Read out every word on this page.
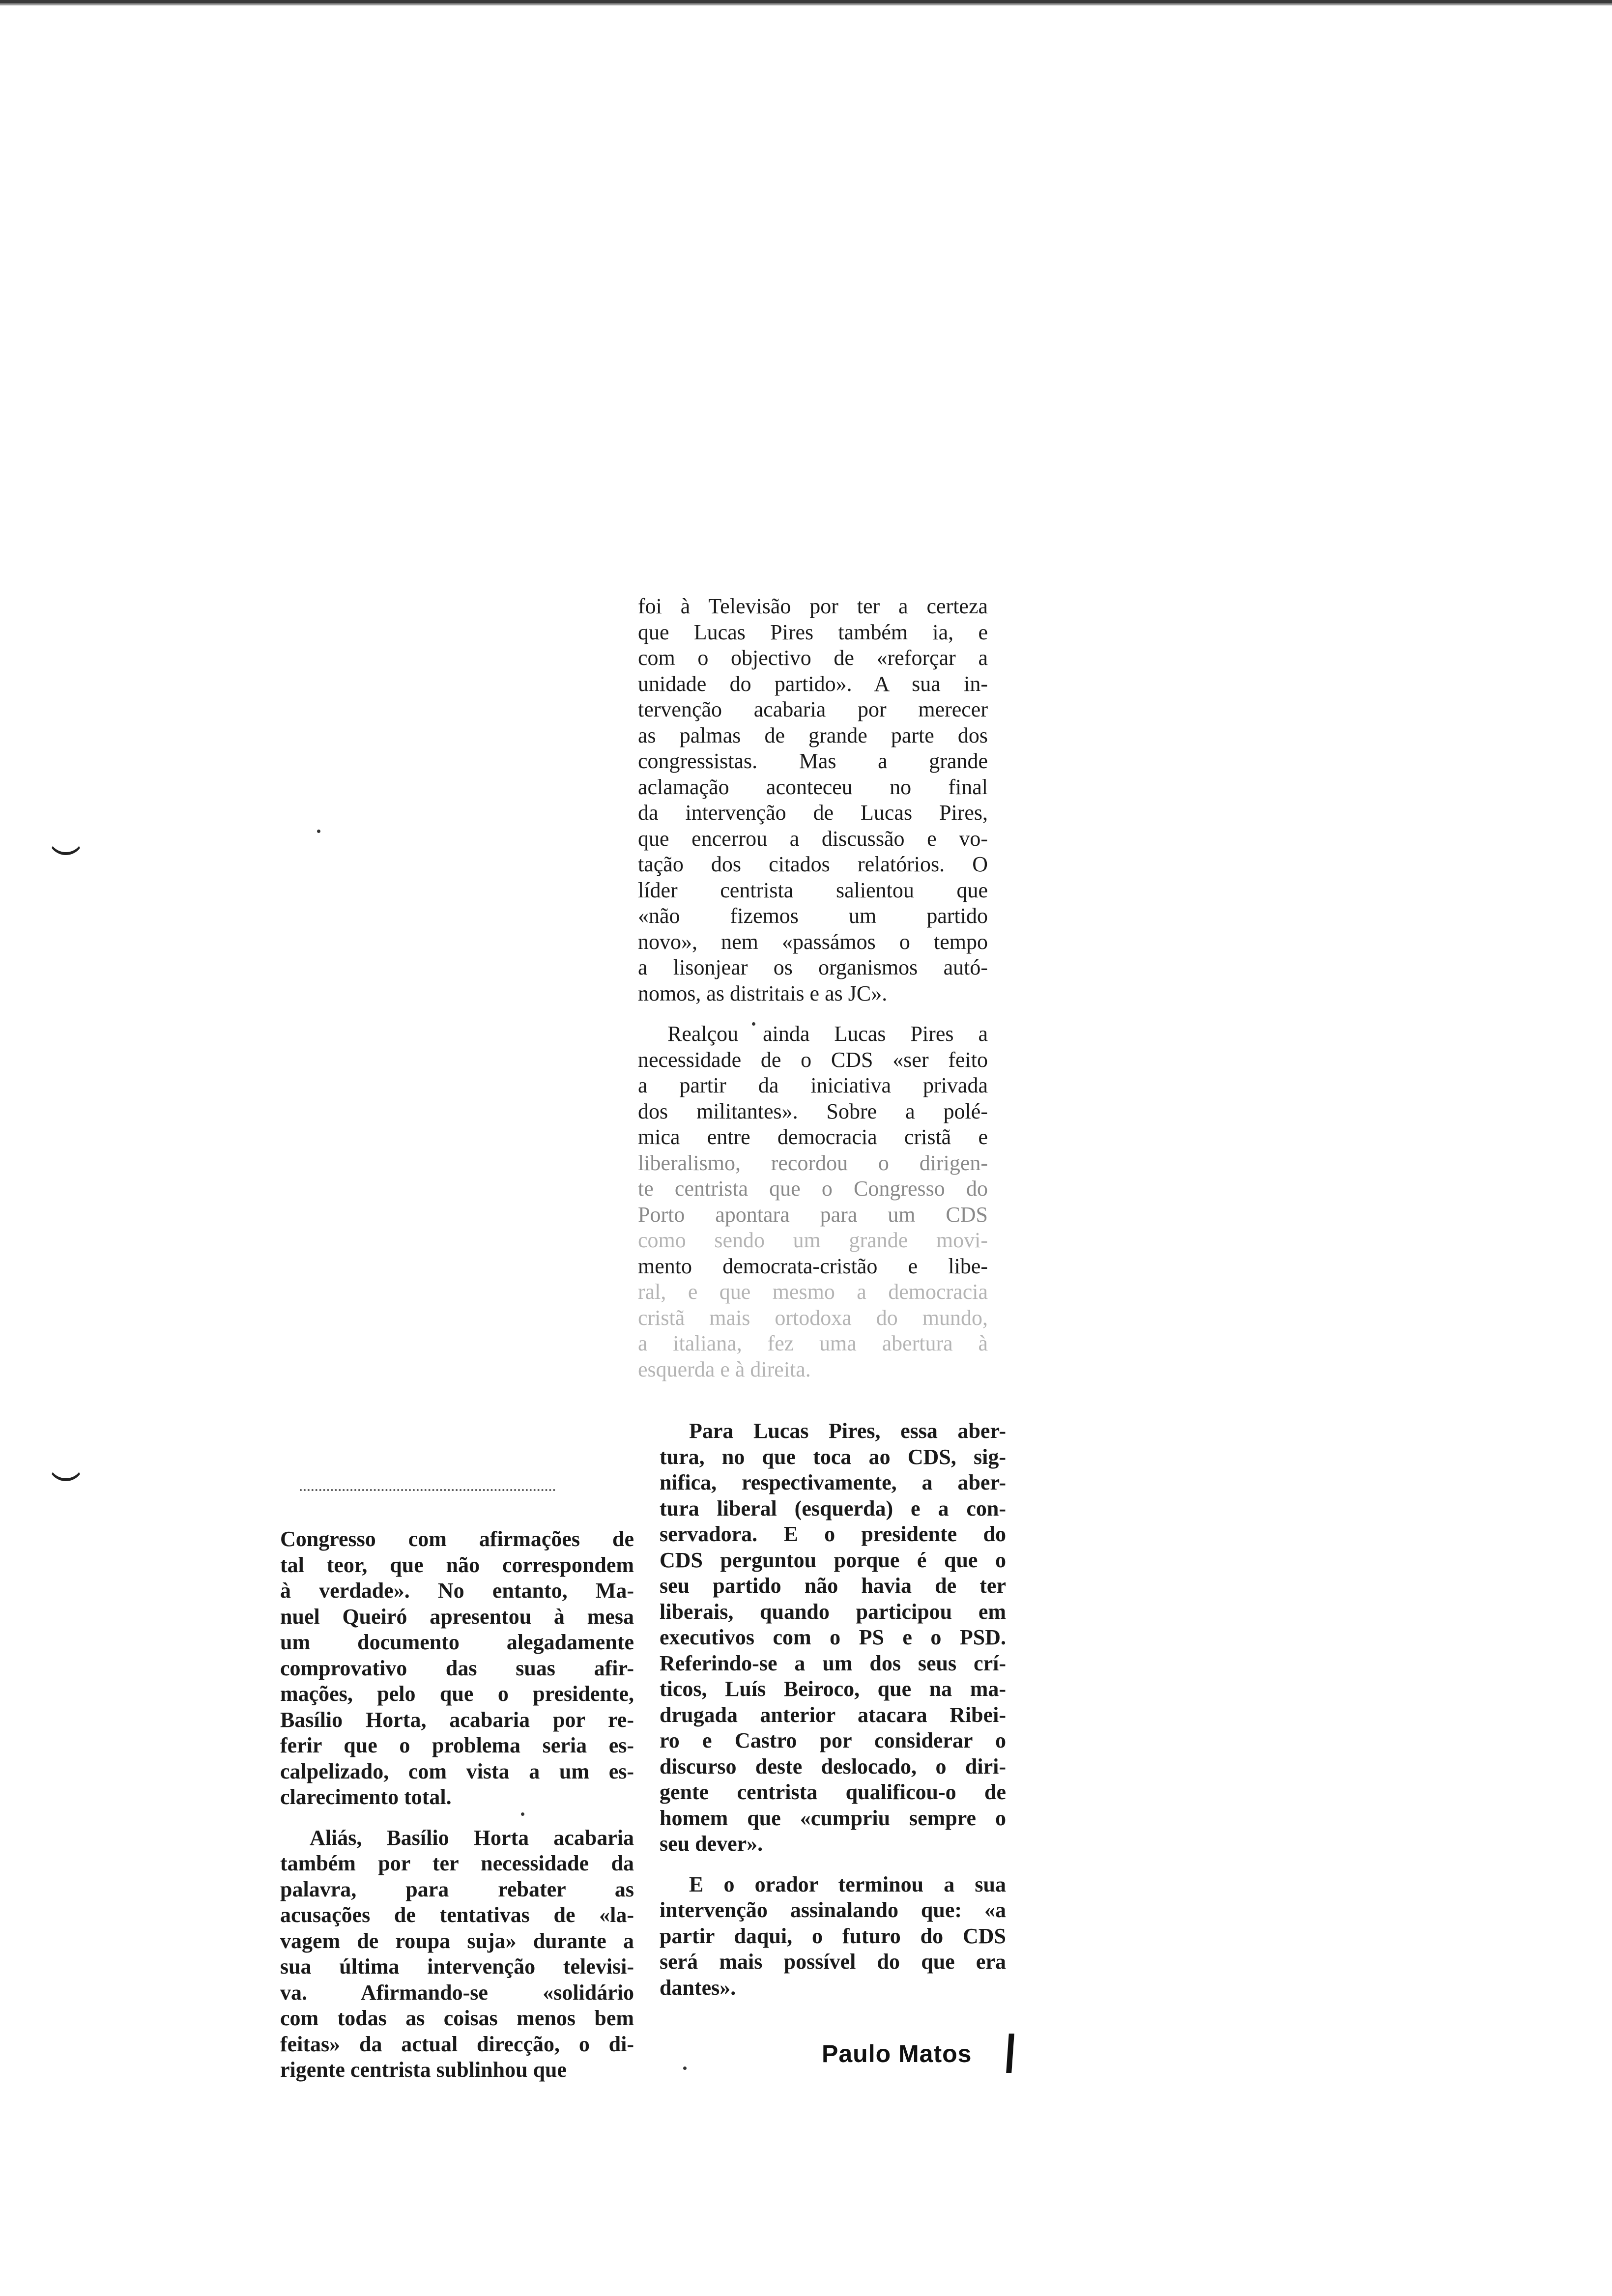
foi à Televisão por ter a certeza
que Lucas Pires também ia, e
com o objectivo de «reforçar a
unidade do partido». A sua in-
tervenção acabaria por merecer
as palmas de grande parte dos
congressistas. Mas a grande
aclamação aconteceu no final
da intervenção de Lucas Pires,
que encerrou a discussão e vo-
tação dos citados relatórios. O
líder centrista salientou que
«não fizemos um partido
novo», nem «passámos o tempo
a lisonjear os organismos autó-
nomos, as distritais e as JC».
Realçou ainda Lucas Pires a
necessidade de o CDS «ser feito
a partir da iniciativa privada
dos militantes». Sobre a polé-
mica entre democracia cristã e
liberalismo, recordou o dirigen-
te centrista que o Congresso do
Porto apontara para um CDS
como sendo um grande movi-
mento democrata-cristão e libe-
ral, e que mesmo a democracia
cristã mais ortodoxa do mundo,
a italiana, fez uma abertura à
esquerda e à direita.
Congresso com afirmações de
tal teor, que não correspondem
à verdade». No entanto, Ma-
nuel Queiró apresentou à mesa
um documento alegadamente
comprovativo das suas afir-
mações, pelo que o presidente,
Basílio Horta, acabaria por re-
ferir que o problema seria es-
calpelizado, com vista a um es-
clarecimento total.
Aliás, Basílio Horta acabaria
também por ter necessidade da
palavra, para rebater as
acusações de tentativas de «la-
vagem de roupa suja» durante a
sua última intervenção televisi-
va. Afirmando-se «solidário
com todas as coisas menos bem
feitas» da actual direcção, o di-
rigente centrista sublinhou que
Para Lucas Pires, essa aber-
tura, no que toca ao CDS, sig-
nifica, respectivamente, a aber-
tura liberal (esquerda) e a con-
servadora. E o presidente do
CDS perguntou porque é que o
seu partido não havia de ter
liberais, quando participou em
executivos com o PS e o PSD.
Referindo-se a um dos seus crí-
ticos, Luís Beiroco, que na ma-
drugada anterior atacara Ribei-
ro e Castro por considerar o
discurso deste deslocado, o diri-
gente centrista qualificou-o de
homem que «cumpriu sempre o
seu dever».
E o orador terminou a sua
intervenção assinalando que: «a
partir daqui, o futuro do CDS
será mais possível do que era
dantes».
Paulo Matos
